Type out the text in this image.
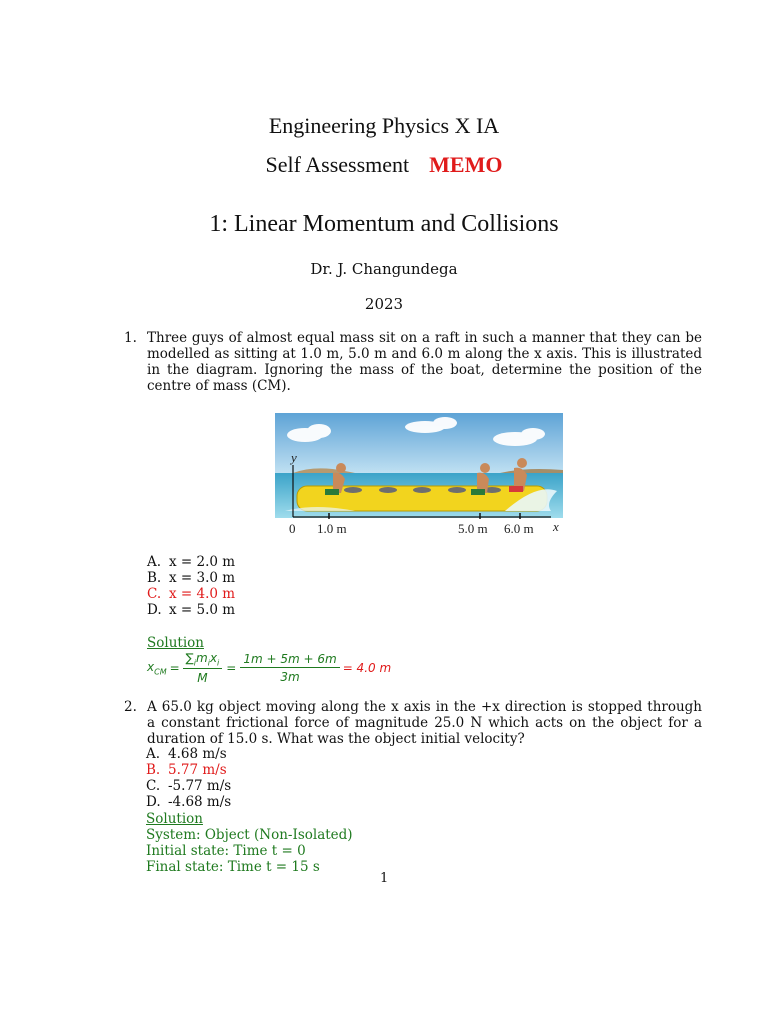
Engineering Physics X IA
Self Assessment MEMO
1: Linear Momentum and Collisions
Dr. J. Changundega
2023
1. Three guys of almost equal mass sit on a raft in such a manner that they can be modelled as sitting at 1.0 m, 5.0 m and 6.0 m along the x axis. This is illustrated in the diagram. Ignoring the mass of the boat, determine the position of the centre of mass (CM).
y
0 1.0 m	5.0 m 6.0 m x
A. x = 2.0 m
B. x = 3.0 m
C. x = 4.0 m
D. x = 5.0 m
Solution
$x_{CM} = \frac{\sum_im_ix_i}{M} = \frac{1m + 5m + 6m}{3m} = 4.0$ m
2. A 65.0 kg object moving along the x axis in the +x direction is stopped through a constant frictional force of magnitude 25.0 N which acts on the object for a duration of 15.0 s. What was the object initial velocity?
A. 4.68 m/s
B. 5.77 m/s
C. -5.77 m/s
D. -4.68 m/s
Solution
System: Object (Non-Isolated)
Initial state: Time t = 0
Final state: Time t = 15 s
1
